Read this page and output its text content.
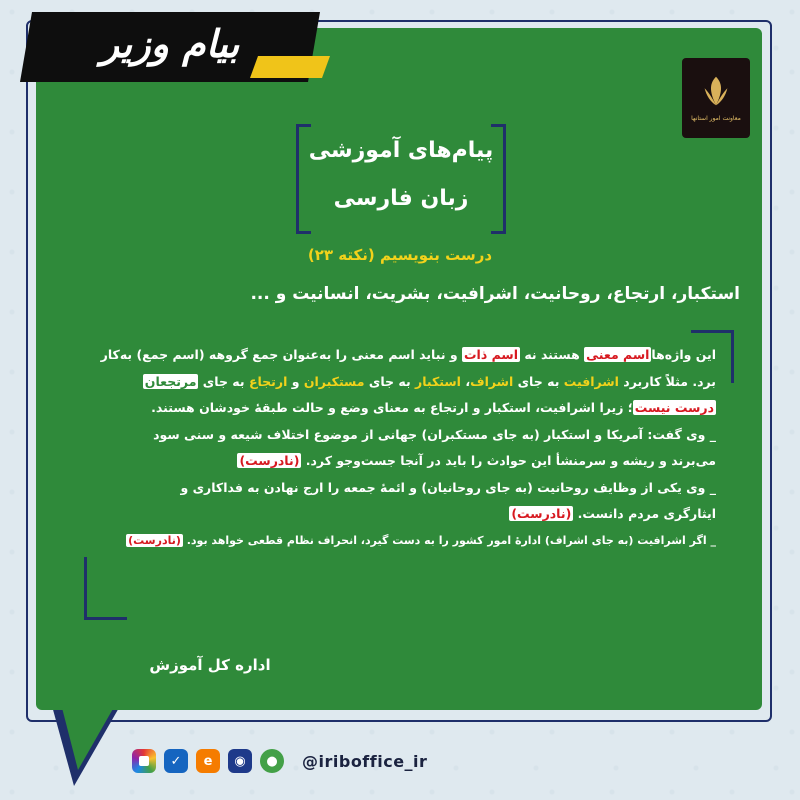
بیام وزیر
معاونت امور استانها
پیام‌های آموزشی
زبان فارسی
درست بنویسیم (نکته ۲۳)
استکبار، ارتجاع، روحانیت، اشرافیت، بشریت، انسانیت و ...
این واژه‌هااسم معنی هستند نه اسم ذات و نباید اسم معنی را به‌عنوان جمع گروهه (اسم جمع) به‌کار
برد. مثلاً کاربرد اشرافیت به جای اشراف، استکبار به جای مستکبران و ارتجاع به جای مرتجعان
درست نیست؛ زیرا اشرافیت، استکبار و ارتجاع به معنای وضع و حالت طبقهٔ خودشان هستند.
_ وی گفت: آمریکا و استکبار (به جای مستکبران) جهانی از موضوع اختلاف شیعه و سنی سود
می‌برند و ریشه و سرمنشأ این حوادث را باید در آنجا جست‌وجو کرد. (نادرست)
_ وی یکی از وظایف روحانیت (به جای روحانیان) و ائمهٔ جمعه را ارج نهادن به فداکاری و
ایثارگری مردم دانست. (نادرست)
_ اگر اشرافیت (به جای اشراف) ادارهٔ امور کشور را به دست گیرد، انحراف نظام قطعی خواهد بود. (نادرست)
اداره کل آموزش
✓	e	◉	●	@iriboffice_ir
